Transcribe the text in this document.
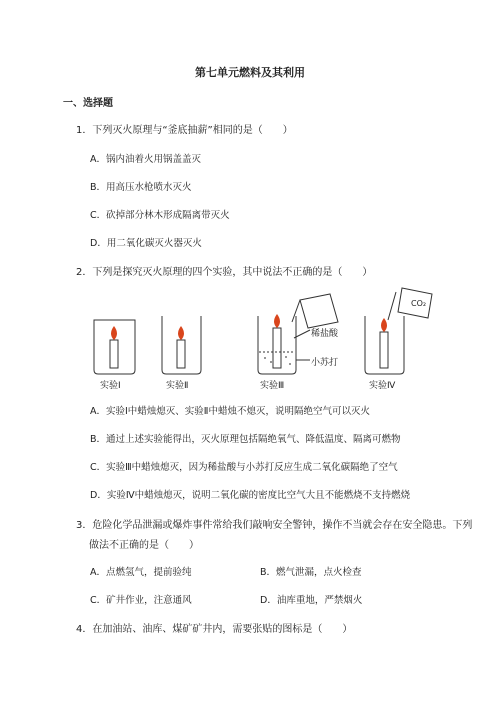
第七单元燃料及其利用
一、选择题
1．下列灭火原理与“釜底抽薪”相同的是（　　）
A．锅内油着火用锅盖盖灭
B．用高压水枪喷水灭火
C．砍掉部分林木形成隔离带灭火
D．用二氧化碳灭火器灭火
2．下列是探究灭火原理的四个实验，其中说法不正确的是（　　）
稀盐酸
小苏打
CO₂
实验Ⅰ	实验Ⅱ	实验Ⅲ	实验Ⅳ
A．实验Ⅰ中蜡烛熄灭、实验Ⅱ中蜡烛不熄灭，说明隔绝空气可以灭火
B．通过上述实验能得出，灭火原理包括隔绝氧气、降低温度、隔离可燃物
C．实验Ⅲ中蜡烛熄灭，因为稀盐酸与小苏打反应生成二氧化碳隔绝了空气
D．实验Ⅳ中蜡烛熄灭，说明二氧化碳的密度比空气大且不能燃烧不支持燃烧
3．危险化学品泄漏或爆炸事件常给我们敲响安全警钟，操作不当就会存在安全隐患。下列
做法不正确的是（　　）
A．点燃氢气，提前验纯	B．燃气泄漏，点火检查
C．矿井作业，注意通风	D．油库重地，严禁烟火
4．在加油站、油库、煤矿矿井内，需要张贴的图标是（　　）
